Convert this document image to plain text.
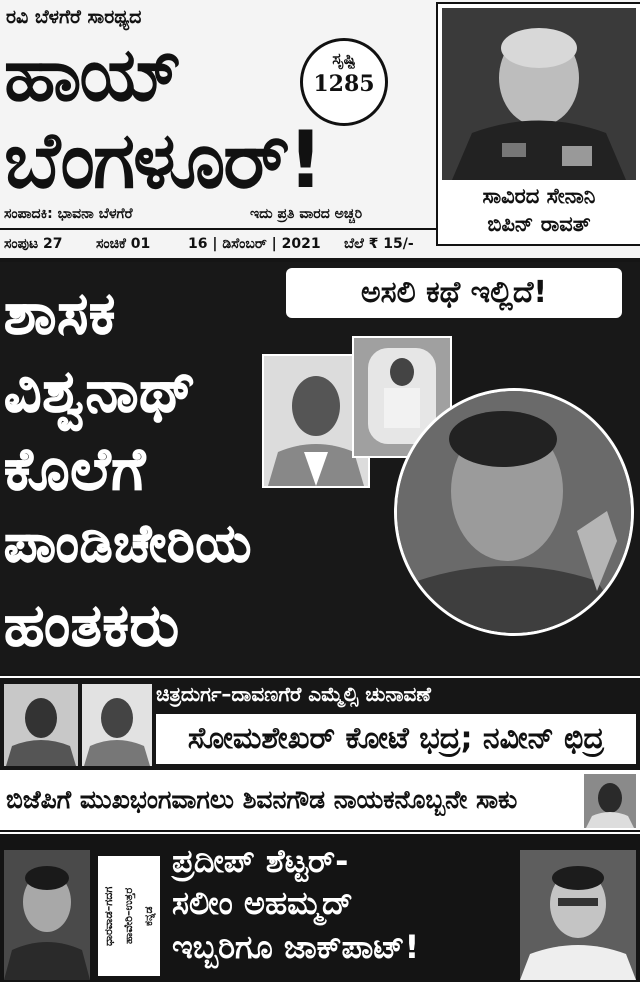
ರವಿ ಬೆಳಗೆರೆ ಸಾರಥ್ಯದ
ಹಾಯ್
ಬೆಂಗಳೂರ್!
ಸೃಷ್ಟಿ
1285
ಸಂಪಾದಕಿ: ಭಾವನಾ ಬೆಳಗೆರೆ	ಇದು ಪ್ರತಿ ವಾರದ ಅಚ್ಚರಿ
ಸಂಪುಟ 27 ಸಂಚಿಕೆ 01	16 | ಡಿಸೆಂಬರ್ | 2021 ಬೆಲೆ ₹ 15/-
ಸಾವಿರದ ಸೇನಾನಿ
ಬಿಪಿನ್ ರಾವತ್
ಅಸಲಿ ಕಥೆ ಇಲ್ಲಿದೆ!
ಶಾಸಕ
ವಿಶ್ವನಾಥ್
ಕೊಲೆಗೆ
ಪಾಂಡಿಚೇರಿಯ
ಹಂತಕರು
ಚಿತ್ರದುರ್ಗ–ದಾವಣಗೆರೆ ಎಮ್ಮೆಲ್ಸಿ ಚುನಾವಣೆ
ಸೋಮಶೇಖರ್ ಕೋಟೆ ಭದ್ರ; ನವೀನ್ ಛಿದ್ರ
ಬಿಜೆಪಿಗೆ ಮುಖಭಂಗವಾಗಲು ಶಿವನಗೌಡ ನಾಯಕನೊಬ್ಬನೇ ಸಾಕು
ಧಾರವಾಡ–ಗದಗ ಹಾವೇರಿ–ಉತ್ತರ ಕನ್ನಡ
ಪ್ರದೀಪ್ ಶೆಟ್ಟರ್-
ಸಲೀಂ ಅಹಮ್ಮದ್
ಇಬ್ಬರಿಗೂ ಜಾಕ್‌ಪಾಟ್!
